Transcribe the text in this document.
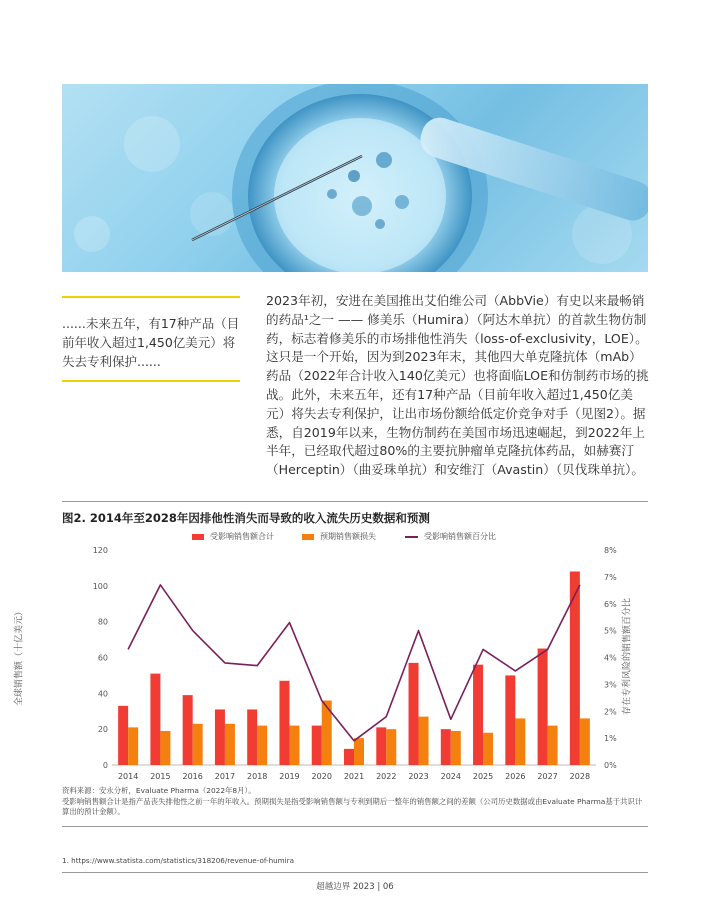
......未来五年，有17种产品（目前年收入超过1,450亿美元）将失去专利保护......
2023年初，安进在美国推出艾伯维公司（AbbVie）有史以来最畅销的药品¹之一 —— 修美乐（Humira）（阿达木单抗）的首款生物仿制药，标志着修美乐的市场排他性消失（loss-of-exclusivity，LOE）。这只是一个开始，因为到2023年末，其他四大单克隆抗体（mAb）药品（2022年合计收入140亿美元）也将面临LOE和仿制药市场的挑战。此外，未来五年，还有17种产品（目前年收入超过1,450亿美元）将失去专利保护，让出市场份额给低定价竞争对手（见图2）。据悉，自2019年以来，生物仿制药在美国市场迅速崛起，到2022年上半年，已经取代超过80%的主要抗肿瘤单克隆抗体药品，如赫赛汀（Herceptin）（曲妥珠单抗）和安维汀（Avastin）（贝伐珠单抗）。
图2. 2014年至2028年因排他性消失而导致的收入流失历史数据和预测
受影响销售额合计	预期销售额损失	受影响销售额百分比
0
20
40
60
80
100
120
0%
1%
2%
3%
4%
5%
6%
7%
8%
2014 2015 2016 2017 2018 2019 2020 2021 2022 2023 2024 2025 2026 2027 2028
全球销售额（十亿美元）	存在专利风险的销售额百分比
资料来源：安永分析，Evaluate Pharma（2022年8月）。
受影响销售额合计是指产品丧失排他性之前一年的年收入。预期损失是指受影响销售额与专利到期后一整年的销售额之间的差额（公司历史数据或由Evaluate Pharma基于共识计算出的预计金额）。
1. https://www.statista.com/statistics/318206/revenue-of-humira
超越边界 2023 | 06
